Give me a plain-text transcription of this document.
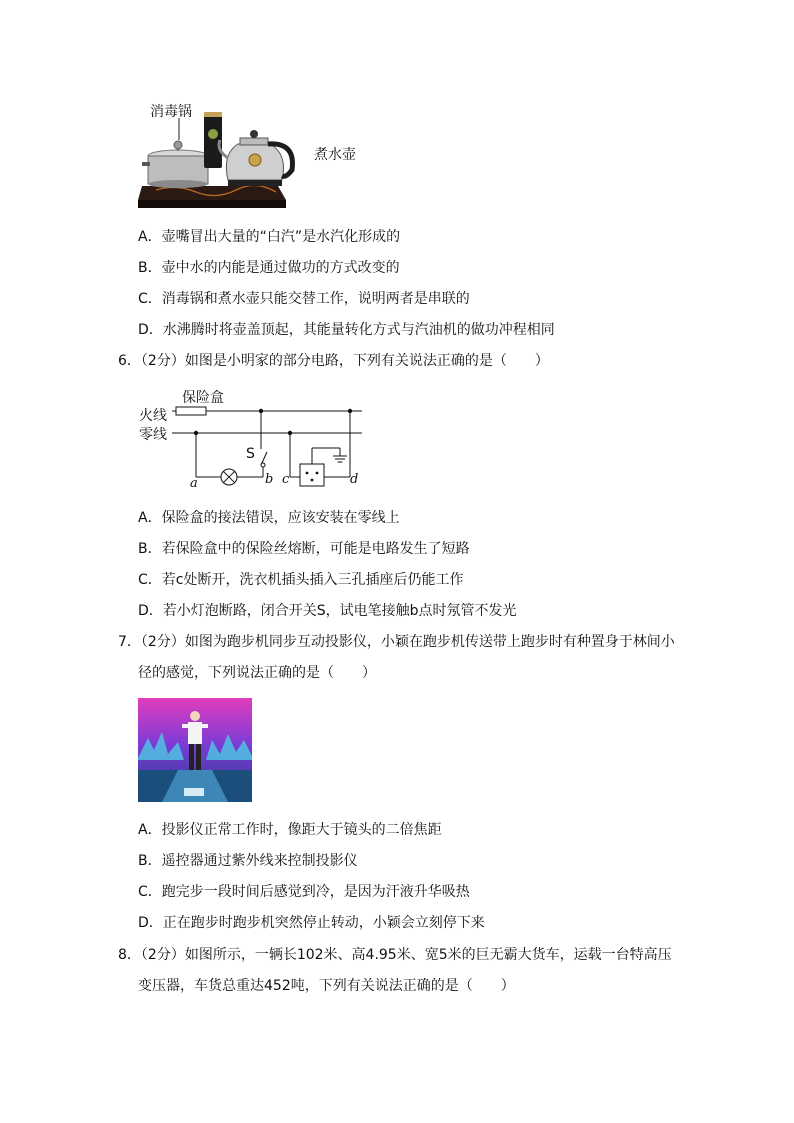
消毒锅
煮水壶
A．壶嘴冒出大量的“白汽”是水汽化形成的
B．壶中水的内能是通过做功的方式改变的
C．消毒锅和煮水壶只能交替工作，说明两者是串联的
D．水沸腾时将壶盖顶起，其能量转化方式与汽油机的做功冲程相同
6．（2分）如图是小明家的部分电路，下列有关说法正确的是（　　）
保险盒
火线
零线
S
a	b c	d
A．保险盒的接法错误，应该安装在零线上
B．若保险盒中的保险丝熔断，可能是电路发生了短路
C．若c处断开，洗衣机插头插入三孔插座后仍能工作
D．若小灯泡断路，闭合开关S，试电笔接触b点时氖管不发光
7．（2分）如图为跑步机同步互动投影仪，小颖在跑步机传送带上跑步时有种置身于林间小
径的感觉，下列说法正确的是（　　）
A．投影仪正常工作时，像距大于镜头的二倍焦距
B．遥控器通过紫外线来控制投影仪
C．跑完步一段时间后感觉到冷，是因为汗液升华吸热
D．正在跑步时跑步机突然停止转动，小颖会立刻停下来
8．（2分）如图所示，一辆长102米、高4.95米、宽5米的巨无霸大货车，运载一台特高压
变压器，车货总重达452吨，下列有关说法正确的是（　　）
